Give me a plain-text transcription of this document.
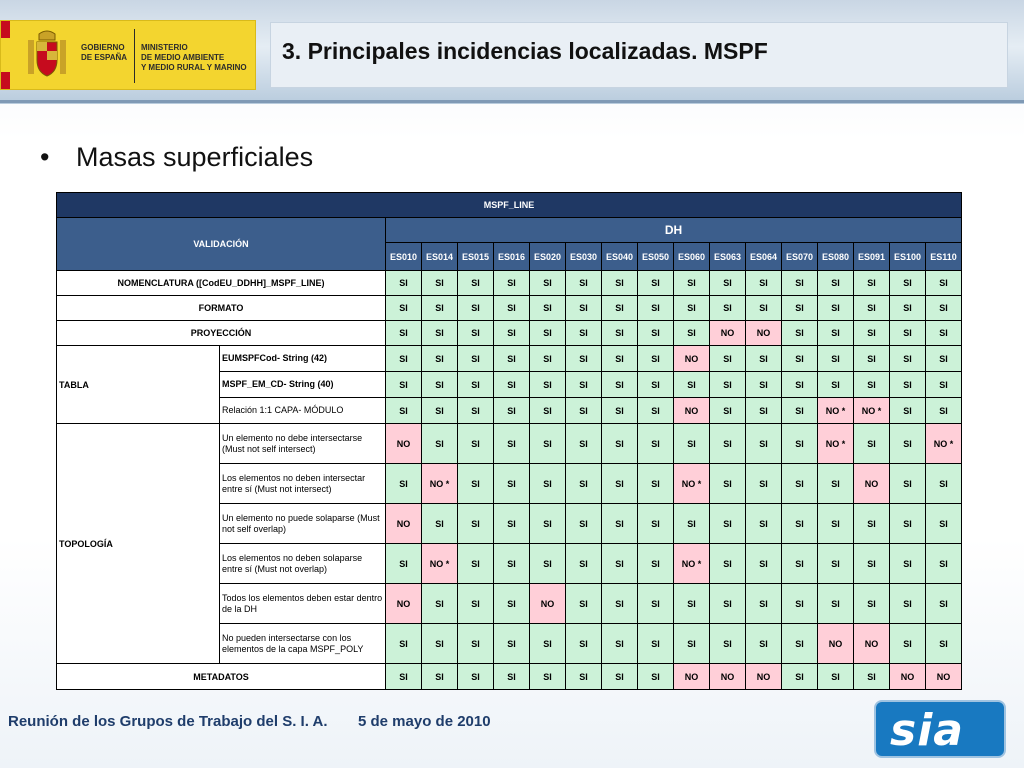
GOBIERNO
DE ESPAÑA
MINISTERIO
DE MEDIO AMBIENTE
Y MEDIO RURAL Y MARINO
3. Principales incidencias localizadas. MSPF
• Masas superficiales
MSPF_LINE																	
VALIDACIÓN		DH															
		ES010	ES014	ES015	ES016	ES020	ES030	ES040	ES050	ES060	ES063	ES064	ES070	ES080	ES091	ES100	ES110
NOMENCLATURA ([CodEU_DDHH]_MSPF_LINE)		SI	SI	SI	SI	SI	SI	SI	SI	SI	SI	SI	SI	SI	SI	SI	SI
FORMATO		SI	SI	SI	SI	SI	SI	SI	SI	SI	SI	SI	SI	SI	SI	SI	SI
PROYECCIÓN		SI	SI	SI	SI	SI	SI	SI	SI	SI	NO	NO	SI	SI	SI	SI	SI
TABLA	EUMSPFCod- String (42)	SI	SI	SI	SI	SI	SI	SI	SI	NO	SI	SI	SI	SI	SI	SI	SI
	MSPF_EM_CD- String (40)	SI	SI	SI	SI	SI	SI	SI	SI	SI	SI	SI	SI	SI	SI	SI	SI
	Relación 1:1 CAPA- MÓDULO	SI	SI	SI	SI	SI	SI	SI	SI	NO	SI	SI	SI	NO *	NO *	SI	SI
TOPOLOGÍA	Un elemento no debe intersectarse (Must not self intersect)	NO	SI	SI	SI	SI	SI	SI	SI	SI	SI	SI	SI	NO *	SI	SI	NO *
	Los elementos no deben intersectar entre sí (Must not intersect)	SI	NO *	SI	SI	SI	SI	SI	SI	NO *	SI	SI	SI	SI	NO	SI	SI
	Un elemento no puede solaparse (Must not self overlap)	NO	SI	SI	SI	SI	SI	SI	SI	SI	SI	SI	SI	SI	SI	SI	SI
	Los elementos no deben solaparse entre sí (Must not overlap)	SI	NO *	SI	SI	SI	SI	SI	SI	NO *	SI	SI	SI	SI	SI	SI	SI
	Todos los elementos deben estar dentro de la DH	NO	SI	SI	SI	NO	SI	SI	SI	SI	SI	SI	SI	SI	SI	SI	SI
	No pueden intersectarse con los elementos de la capa MSPF_POLY	SI	SI	SI	SI	SI	SI	SI	SI	SI	SI	SI	SI	NO	NO	SI	SI
METADATOS		SI	SI	SI	SI	SI	SI	SI	SI	NO	NO	NO	SI	SI	SI	NO	NO
Reunión de los Grupos de Trabajo del S. I. A. 5 de mayo de 2010	sia
